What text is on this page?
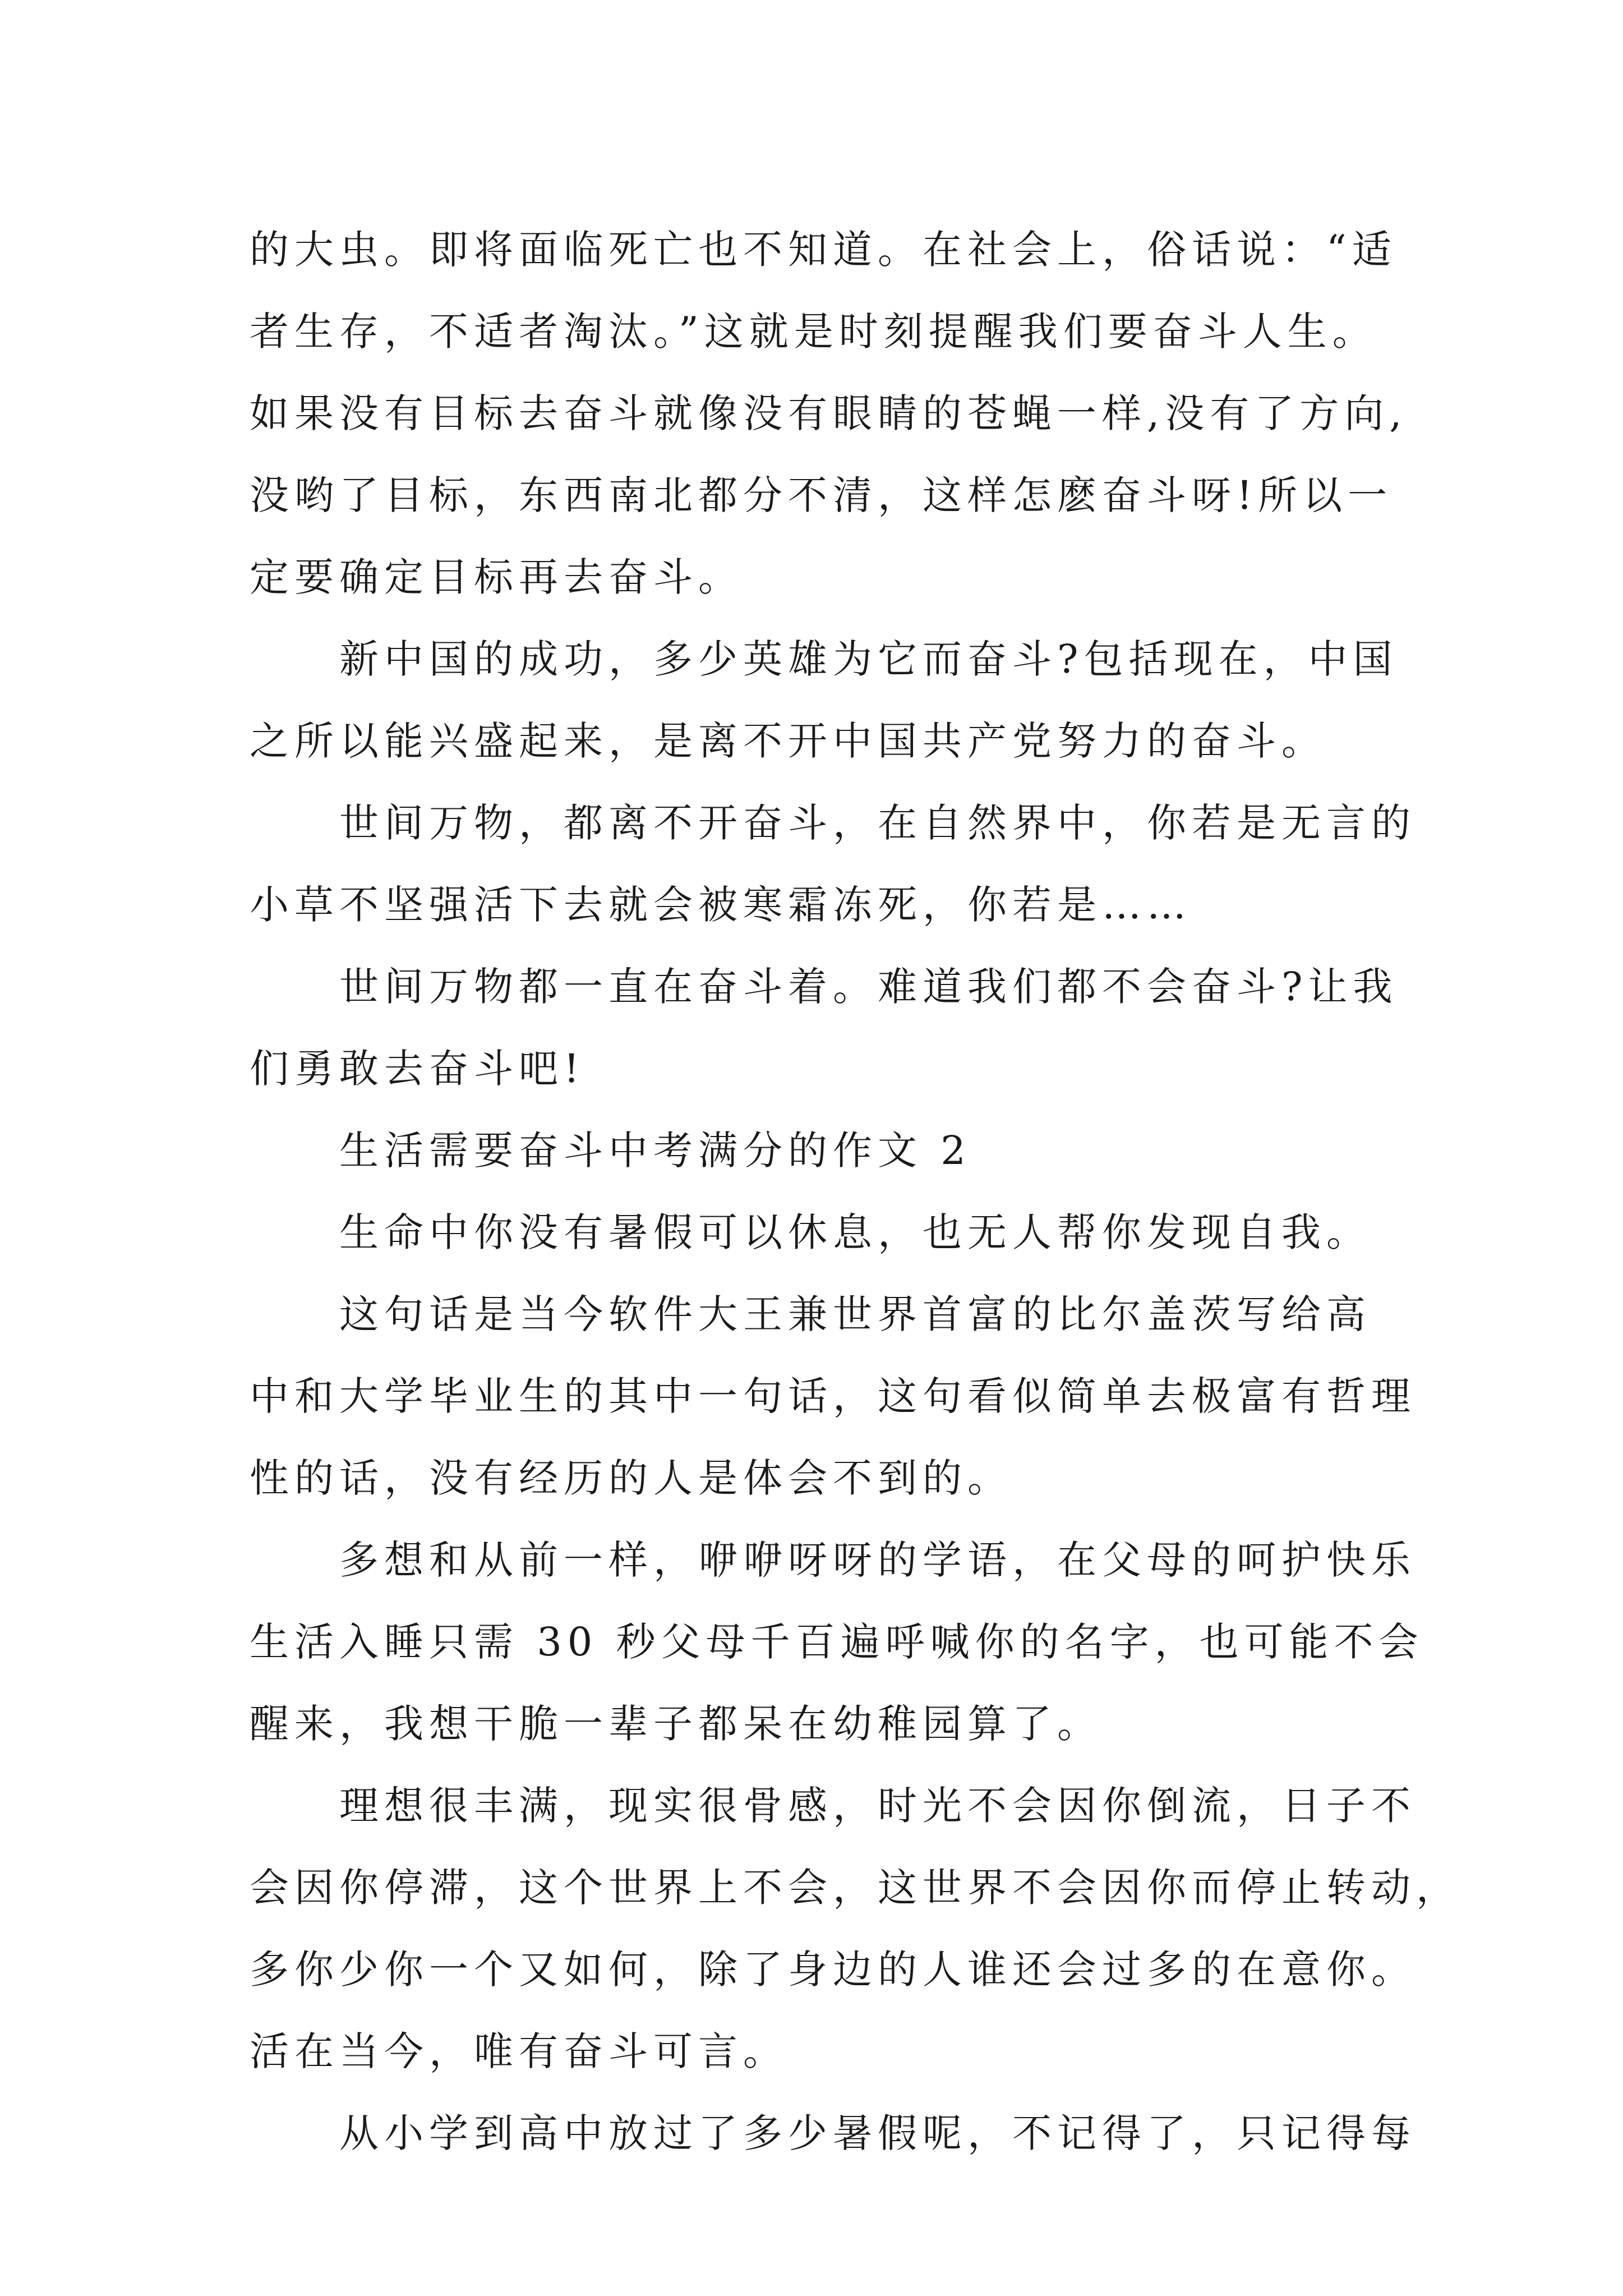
的大虫。即将面临死亡也不知道。在社会上，俗话说：“适
者生存，不适者淘汰。”这就是时刻提醒我们要奋斗人生。
如果没有目标去奋斗就像没有眼睛的苍蝇一样,没有了方向,
没哟了目标，东西南北都分不清，这样怎麽奋斗呀!所以一
定要确定目标再去奋斗。
新中国的成功，多少英雄为它而奋斗?包括现在，中国
之所以能兴盛起来，是离不开中国共产党努力的奋斗。
世间万物，都离不开奋斗，在自然界中，你若是无言的
小草不坚强活下去就会被寒霜冻死，你若是……
世间万物都一直在奋斗着。难道我们都不会奋斗?让我
们勇敢去奋斗吧!
生活需要奋斗中考满分的作文 2
生命中你没有暑假可以休息，也无人帮你发现自我。
这句话是当今软件大王兼世界首富的比尔盖茨写给高
中和大学毕业生的其中一句话，这句看似简单去极富有哲理
性的话，没有经历的人是体会不到的。
多想和从前一样，咿咿呀呀的学语，在父母的呵护快乐
生活入睡只需 30 秒父母千百遍呼喊你的名字，也可能不会
醒来，我想干脆一辈子都呆在幼稚园算了。
理想很丰满，现实很骨感，时光不会因你倒流，日子不
会因你停滞，这个世界上不会，这世界不会因你而停止转动，
多你少你一个又如何，除了身边的人谁还会过多的在意你。
活在当今，唯有奋斗可言。
从小学到高中放过了多少暑假呢，不记得了，只记得每
